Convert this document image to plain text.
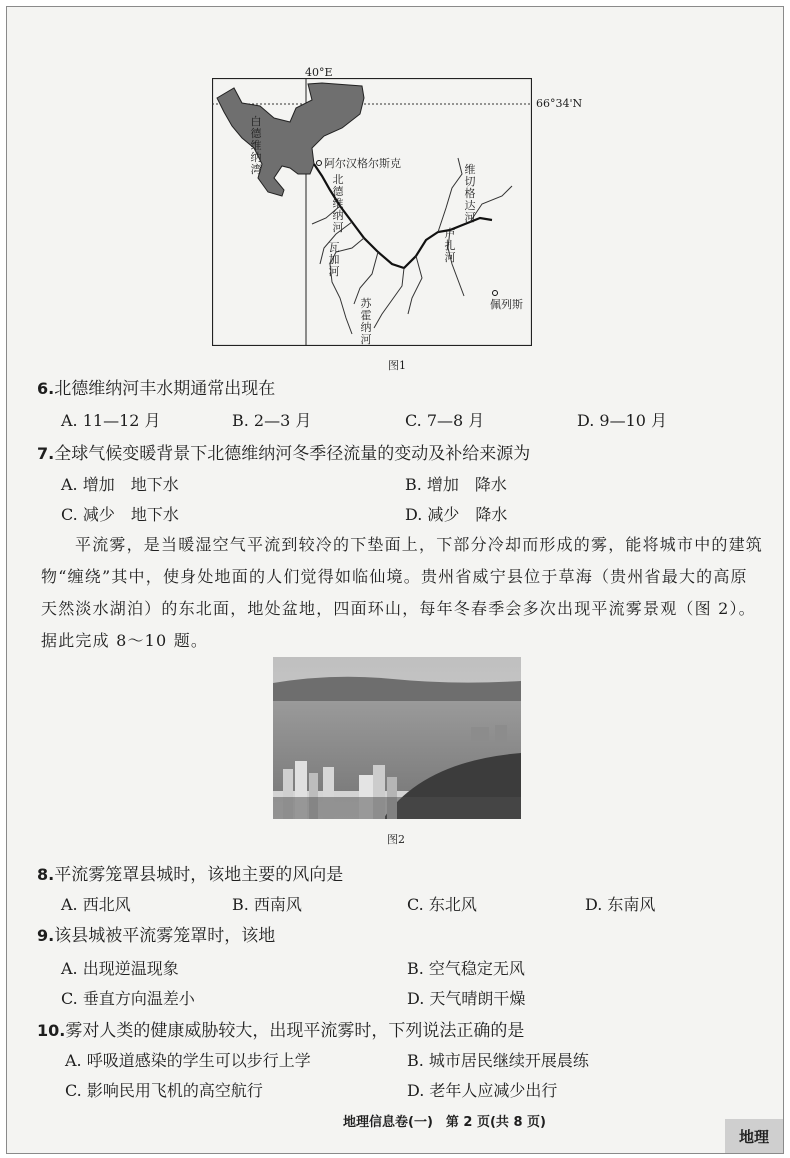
40°E
66°34'N
阿尔汉格尔斯克
佩列斯
白德维纳湾
北德维纳河
维切格达河
苏霍纳河
瓦加河
卢扎河
图1
6.北德维纳河丰水期通常出现在
A. 11—12 月	B. 2—3 月	C. 7—8 月	D. 9—10 月
7.全球气候变暖背景下北德维纳河冬季径流量的变动及补给来源为
A. 增加　地下水	B. 增加　降水
C. 减少　地下水	D. 减少　降水
平流雾，是当暖湿空气平流到较冷的下垫面上，下部分冷却而形成的雾，能将城市中的建筑物“缠绕”其中，使身处地面的人们觉得如临仙境。贵州省威宁县位于草海（贵州省最大的高原天然淡水湖泊）的东北面，地处盆地，四面环山，每年冬春季会多次出现平流雾景观（图 2）。据此完成 8～10 题。
图2
8.平流雾笼罩县城时，该地主要的风向是
A. 西北风	B. 西南风	C. 东北风	D. 东南风
9.该县城被平流雾笼罩时，该地
A. 出现逆温现象	B. 空气稳定无风
C. 垂直方向温差小	D. 天气晴朗干燥
10.雾对人类的健康威胁较大，出现平流雾时，下列说法正确的是
A. 呼吸道感染的学生可以步行上学	B. 城市居民继续开展晨练
C. 影响民用飞机的高空航行	D. 老年人应减少出行
地理信息卷(一)　第 2 页(共 8 页)
地理
